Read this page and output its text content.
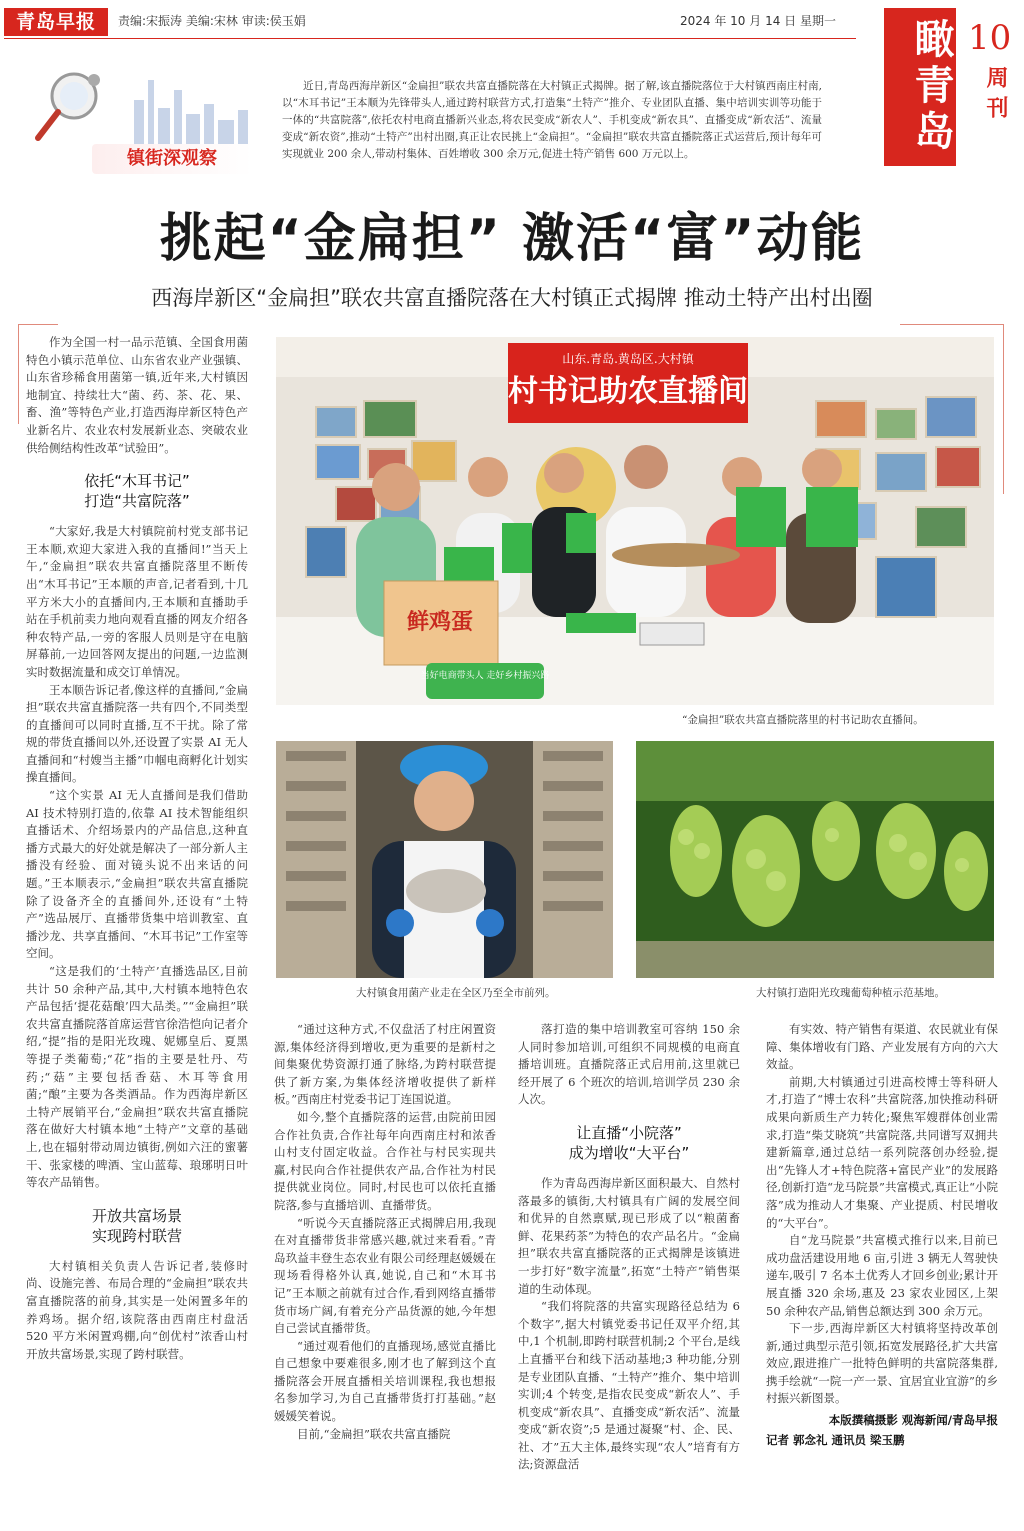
青岛早报	责编:宋振涛 美编:宋林 审读:侯玉娟	2024 年 10 月 14 日 星期一	瞰青岛 10
周刊
镇街深观察
近日,青岛西海岸新区“金扁担”联农共富直播院落在大村镇正式揭牌。据了解,该直播院落位于大村镇西南庄村南,以“木耳书记”王本顺为先锋带头人,通过跨村联营方式,打造集“土特产”推介、专业团队直播、集中培训实训等功能于一体的“共富院落”,依托农村电商直播新兴业态,将农民变成“新农人”、手机变成“新农具”、直播变成“新农活”、流量变成“新农资”,推动“土特产”出村出圈,真正让农民挑上“金扁担”。“金扁担”联农共富直播院落正式运营后,预计每年可实现就业 200 余人,带动村集体、百姓增收 300 余万元,促进土特产销售 600 万元以上。
挑起“金扁担” 激活“富”动能
西海岸新区“金扁担”联农共富直播院落在大村镇正式揭牌 推动土特产出村出圈
山东.青岛.黄岛区.大村镇
村书记助农直播间
鲜鸡蛋
当好电商带头人 走好乡村振兴路
“金扁担”联农共富直播院落里的村书记助农直播间。
大村镇食用菌产业走在全区乃至全市前列。	大村镇打造阳光玫瑰葡萄种植示范基地。

作为全国一村一品示范镇、全国食用菌特色小镇示范单位、山东省农业产业强镇、山东省珍稀食用菌第一镇,近年来,大村镇因地制宜、持续壮大“菌、药、茶、花、果、畜、渔”等特色产业,打造西海岸新区特色产业新名片、农业农村发展新业态、突破农业供给侧结构性改革“试验田”。

依托“木耳书记”
打造“共富院落”

“大家好,我是大村镇院前村党支部书记王本顺,欢迎大家进入我的直播间!”当天上午,“金扁担”联农共富直播院落里不断传出“木耳书记”王本顺的声音,记者看到,十几平方米大小的直播间内,王本顺和直播助手站在手机前卖力地向观看直播的网友介绍各种农特产品,一旁的客服人员则是守在电脑屏幕前,一边回答网友提出的问题,一边监测实时数据流量和成交订单情况。

王本顺告诉记者,像这样的直播间,“金扁担”联农共富直播院落一共有四个,不同类型的直播间可以同时直播,互不干扰。除了常规的带货直播间以外,还设置了实景 AI 无人直播间和“村嫂当主播”巾帼电商孵化计划实操直播间。

“这个实景 AI 无人直播间是我们借助 AI 技术特别打造的,依靠 AI 技术智能组织直播话术、介绍场景内的产品信息,这种直播方式最大的好处就是解决了一部分新人主播没有经验、面对镜头说不出来话的问题。”王本顺表示,“金扁担”联农共富直播院除了设备齐全的直播间外,还设有“土特产”选品展厅、直播带货集中培训教室、直播沙龙、共享直播间、“木耳书记”工作室等空间。

“这是我们的‘土特产’直播选品区,目前共计 50 余种产品,其中,大村镇本地特色农产品包括‘提花菇酿’四大品类。”“金扁担”联农共富直播院落首席运营官徐浩恺向记者介绍,“提”指的是阳光玫瑰、妮娜皇后、夏黑等提子类葡萄;“花”指的主要是牡丹、芍药;“菇”主要包括香菇、木耳等食用菌;“酿”主要为各类酒品。作为西海岸新区土特产展销平台,“金扁担”联农共富直播院落在做好大村镇本地“土特产”文章的基础上,也在辐射带动周边镇街,例如六汪的蜜薯干、张家楼的啤酒、宝山蓝莓、琅琊明日叶等农产品销售。

开放共富场景
实现跨村联营

大村镇相关负责人告诉记者,装修时尚、设施完善、布局合理的“金扁担”联农共富直播院落的前身,其实是一处闲置多年的养鸡场。据介绍,该院落由西南庄村盘活 520 平方米闲置鸡棚,向“创优村”浓香山村开放共富场景,实现了跨村联营。

“通过这种方式,不仅盘活了村庄闲置资源,集体经济得到增收,更为重要的是新村之间集聚优势资源打通了脉络,为跨村联营提供了新方案,为集体经济增收提供了新样板。”西南庄村党委书记丁连国说道。

如今,整个直播院落的运营,由院前田园合作社负责,合作社每年向西南庄村和浓香山村支付固定收益。合作社与村民实现共赢,村民向合作社提供农产品,合作社为村民提供就业岗位。同时,村民也可以依托直播院落,参与直播培训、直播带货。

“听说今天直播院落正式揭牌启用,我现在对直播带货非常感兴趣,就过来看看。”青岛玖益丰登生态农业有限公司经理赵媛媛在现场看得格外认真,她说,自己和“木耳书记”王本顺之前就有过合作,看到网络直播带货市场广阔,有着充分产品货源的她,今年想自己尝试直播带货。

“通过观看他们的直播现场,感觉直播比自己想象中要难很多,刚才也了解到这个直播院落会开展直播相关培训课程,我也想报名参加学习,为自己直播带货打打基础。”赵媛媛笑着说。

目前,“金扁担”联农共富直播院

落打造的集中培训教室可容纳 150 余人同时参加培训,可组织不同规模的电商直播培训班。直播院落正式启用前,这里就已经开展了 6 个班次的培训,培训学员 230 余人次。

让直播“小院落”
成为增收“大平台”

作为青岛西海岸新区面积最大、自然村落最多的镇街,大村镇具有广阔的发展空间和优异的自然禀赋,现已形成了以“粮菌畜鲜、花果药茶”为特色的农产品名片。“金扁担”联农共富直播院落的正式揭牌是该镇进一步打好“数字流量”,拓宽“土特产”销售渠道的生动体现。

“我们将院落的共富实现路径总结为 6 个数字”,据大村镇党委书记任双平介绍,其中,1 个机制,即跨村联营机制;2 个平台,是线上直播平台和线下活动基地;3 种功能,分别是专业团队直播、“土特产”推介、集中培训实训;4 个转变,是指农民变成“新农人”、手机变成“新农具”、直播变成“新农活”、流量变成“新农资”;5 是通过凝聚“村、企、民、社、才”五大主体,最终实现“农人”培育有方法;资源盘活

有实效、特产销售有渠道、农民就业有保障、集体增收有门路、产业发展有方向的六大效益。

前期,大村镇通过引进高校博士等科研人才,打造了“博士农科”共富院落,加快推动科研成果向新质生产力转化;聚焦军嫂群体创业需求,打造“柴艾晓筑”共富院落,共同谱写双拥共建新篇章,通过总结一系列院落创办经验,提出“先锋人才+特色院落+富民产业”的发展路径,创新打造“龙马院景”共富模式,真正让“小院落”成为推动人才集聚、产业提质、村民增收的“大平台”。

自“龙马院景”共富模式推行以来,目前已成功盘活建设用地 6 亩,引进 3 辆无人驾驶快递车,吸引 7 名本土优秀人才回乡创业;累计开展直播 320 余场,惠及 23 家农业园区,上架 50 余种农产品,销售总额达到 300 余万元。

下一步,西海岸新区大村镇将坚持改革创新,通过典型示范引领,拓宽发展路径,扩大共富效应,跟进推广一批特色鲜明的共富院落集群,携手绘就“一院一产一景、宜居宜业宜游”的乡村振兴新图景。

本版撰稿摄影 观海新闻/青岛早报
记者 郭念礼 通讯员 梁玉鹏
